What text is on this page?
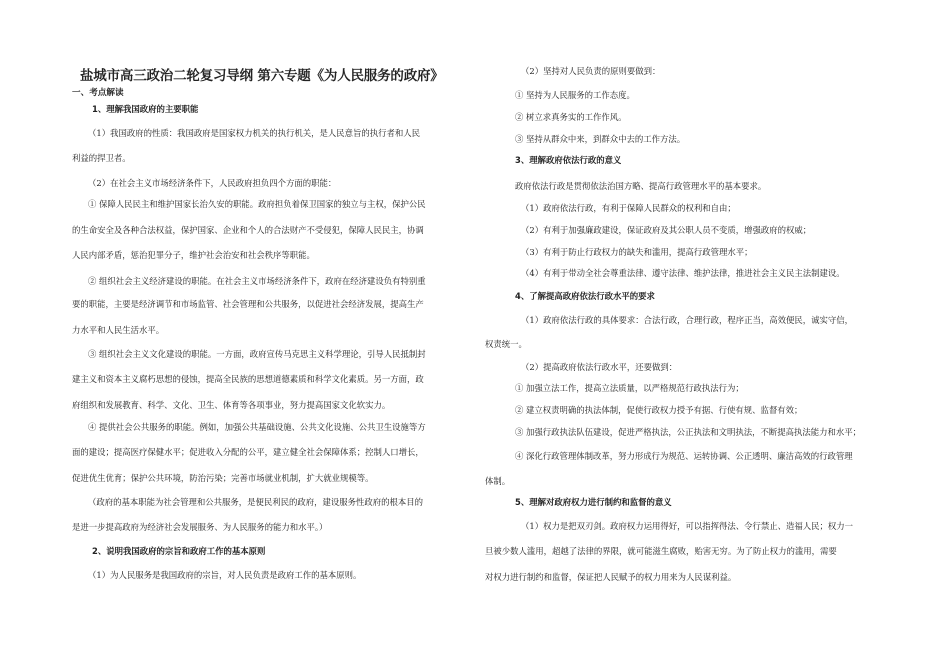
盐城市高三政治二轮复习导纲 第六专题《为人民服务的政府》
一、考点解读
1、理解我国政府的主要职能
（1）我国政府的性质：我国政府是国家权力机关的执行机关，是人民意旨的执行者和人民
利益的捍卫者。
（2）在社会主义市场经济条件下，人民政府担负四个方面的职能：
① 保障人民民主和维护国家长治久安的职能。政府担负着保卫国家的独立与主权，保护公民
的生命安全及各种合法权益，保护国家、企业和个人的合法财产不受侵犯，保障人民民主，协调
人民内部矛盾，惩治犯罪分子，维护社会治安和社会秩序等职能。
② 组织社会主义经济建设的职能。在社会主义市场经济条件下，政府在经济建设负有特别重
要的职能，主要是经济调节和市场监管、社会管理和公共服务，以促进社会经济发展，提高生产
力水平和人民生活水平。
③ 组织社会主义文化建设的职能。一方面，政府宣传马克思主义科学理论，引导人民抵制封
建主义和资本主义腐朽思想的侵蚀，提高全民族的思想道德素质和科学文化素质。另一方面，政
府组织和发展教育、科学、文化、卫生、体育等各项事业，努力提高国家文化软实力。
④ 提供社会公共服务的职能。例如，加强公共基础设施、公共文化设施、公共卫生设施等方
面的建设；提高医疗保健水平；促进收入分配的公平，建立健全社会保障体系；控制人口增长，
促进优生优育；保护公共环境，防治污染；完善市场就业机制，扩大就业规模等。
（政府的基本职能为社会管理和公共服务，是便民利民的政府，建设服务性政府的根本目的
是进一步提高政府为经济社会发展服务、为人民服务的能力和水平。）
2、说明我国政府的宗旨和政府工作的基本原则
（1）为人民服务是我国政府的宗旨，对人民负责是政府工作的基本原则。
（2）坚持对人民负责的原则要做到：
① 坚持为人民服务的工作态度。
② 树立求真务实的工作作风。
③ 坚持从群众中来，到群众中去的工作方法。
3、理解政府依法行政的意义
政府依法行政是贯彻依法治国方略、提高行政管理水平的基本要求。
（1）政府依法行政，有利于保障人民群众的权利和自由；
（2）有利于加强廉政建设，保证政府及其公职人员不变质，增强政府的权威；
（3）有利于防止行政权力的缺失和滥用，提高行政管理水平；
（4）有利于带动全社会尊重法律、遵守法律、维护法律，推进社会主义民主法制建设。
4、了解提高政府依法行政水平的要求
（1）政府依法行政的具体要求：合法行政，合理行政，程序正当，高效便民，诚实守信，
权责统一。
（2）提高政府依法行政水平，还要做到：
① 加强立法工作，提高立法质量，以严格规范行政执法行为；
② 建立权责明确的执法体制，促使行政权力授予有据、行使有规、监督有效；
③ 加强行政执法队伍建设，促进严格执法，公正执法和文明执法，不断提高执法能力和水平；
④ 深化行政管理体制改革，努力形成行为规范、运转协调、公正透明、廉洁高效的行政管理
体制。
5、理解对政府权力进行制约和监督的意义
（1）权力是把双刃剑。政府权力运用得好，可以指挥得法、令行禁止、造福人民；权力一
旦被少数人滥用，超越了法律的界限，就可能滋生腐败，贻害无穷。为了防止权力的滥用，需要
对权力进行制约和监督，保证把人民赋予的权力用来为人民谋利益。
